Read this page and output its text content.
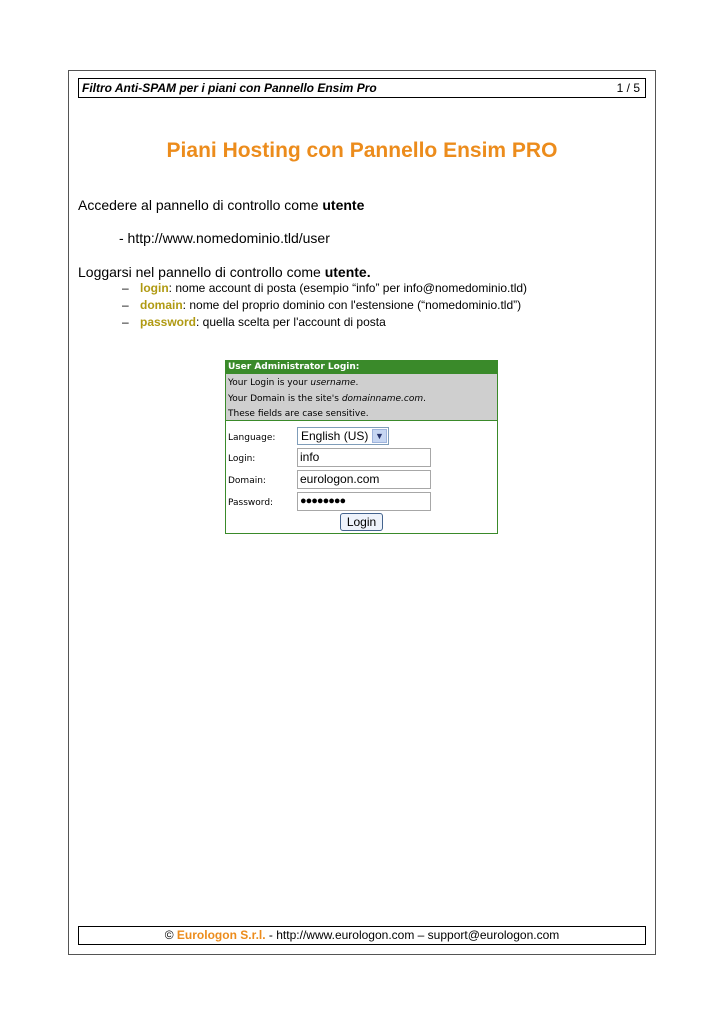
Filtro Anti-SPAM per i piani con Pannello Ensim Pro	1 / 5
Piani Hosting con Pannello Ensim PRO
Accedere al pannello di controllo come utente
- http://www.nomedominio.tld/user
Loggarsi nel pannello di controllo come utente.
– login: nome account di posta (esempio “info” per info@nomedominio.tld)
– domain: nome del proprio dominio con l'estensione (“nomedominio.tld”)
– password: quella scelta per l'account di posta
User Administrator Login:
Your Login is your username.
Your Domain is the site's domainname.com.
These fields are case sensitive.
Language:	English (US) ▼
Login:	info
Domain:	eurologon.com
Password:	●●●●●●●●
Login
© Eurologon S.r.l. - http://www.eurologon.com – support@eurologon.com
